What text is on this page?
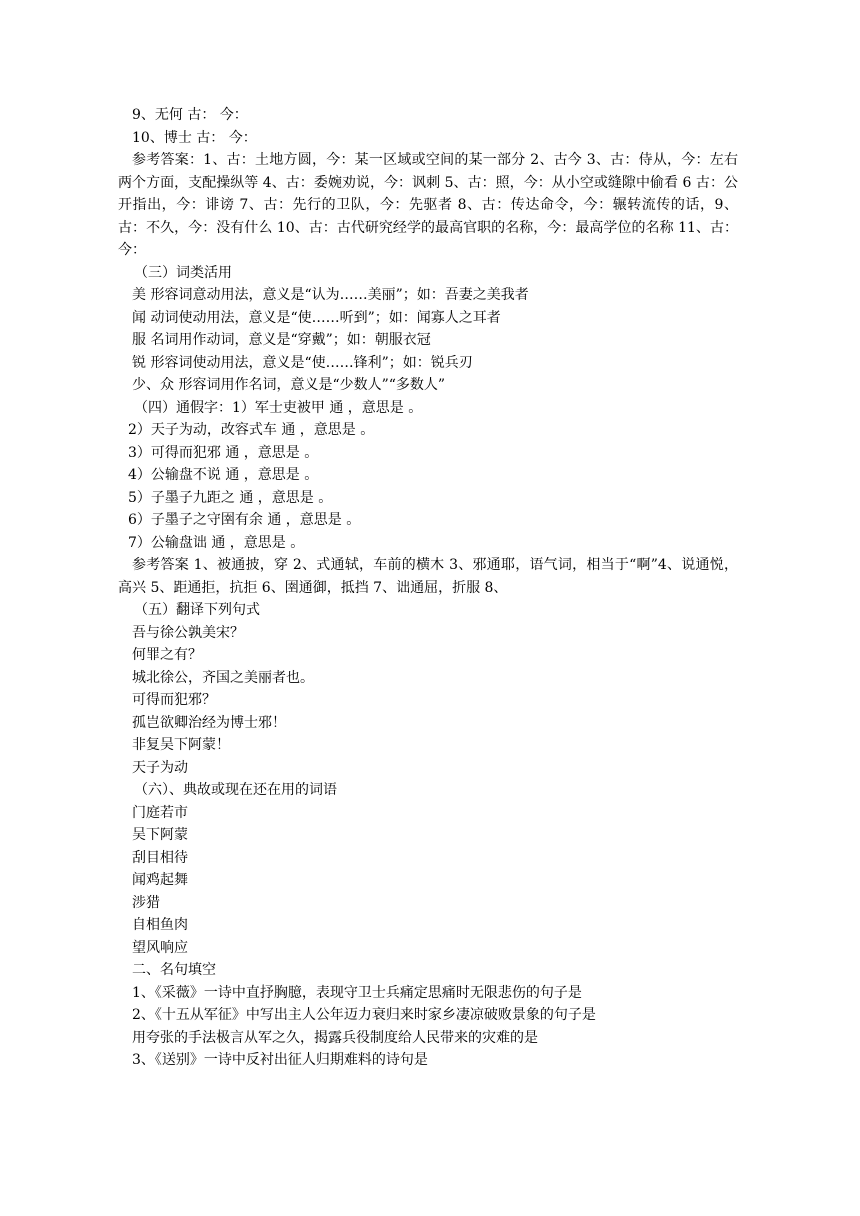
9、无何 古： 今：
10、博士 古： 今：
参考答案：1、古：土地方圆，今：某一区域或空间的某一部分 2、古今 3、古：侍从，今：左右两个方面，支配操纵等 4、古：委婉劝说，今：讽刺 5、古：照，今：从小空或缝隙中偷看 6 古：公开指出，今：诽谤 7、古：先行的卫队，今：先驱者 8、古：传达命令，今：辗转流传的话，9、古：不久，今：没有什么 10、古：古代研究经学的最高官职的名称，今：最高学位的名称 11、古：今：
（三）词类活用
美 形容词意动用法，意义是“认为……美丽”；如：吾妻之美我者
闻 动词使动用法，意义是“使……听到”；如：闻寡人之耳者
服 名词用作动词，意义是“穿戴”；如：朝服衣冠
锐 形容词使动用法，意义是“使……锋利”；如：锐兵刃
少、众 形容词用作名词，意义是“少数人”“多数人”
（四）通假字：1）军士吏被甲 通 ，意思是 。
2）天子为动，改容式车 通 ，意思是 。
3）可得而犯邪 通 ，意思是 。
4）公输盘不说 通 ，意思是 。
5）子墨子九距之 通 ，意思是 。
6）子墨子之守圉有余 通 ，意思是 。
7）公输盘诎 通 ，意思是 。
参考答案 1、被通披，穿 2、式通轼，车前的横木 3、邪通耶，语气词，相当于“啊”4、说通悦，高兴 5、距通拒，抗拒 6、圉通御，抵挡 7、诎通屈，折服 8、
（五）翻译下列句式
吾与徐公孰美宋？
何罪之有？
城北徐公，齐国之美丽者也。
可得而犯邪？
孤岂欲卿治经为博士邪！
非复吴下阿蒙！
天子为动
（六）、典故或现在还在用的词语
门庭若市
吴下阿蒙
刮目相待
闻鸡起舞
涉猎
自相鱼肉
望风响应
二、名句填空
1、《采薇》一诗中直抒胸臆，表现守卫士兵痛定思痛时无限悲伤的句子是
2、《十五从军征》中写出主人公年迈力衰归来时家乡凄凉破败景象的句子是
用夸张的手法极言从军之久，揭露兵役制度给人民带来的灾难的是
3、《送别》一诗中反衬出征人归期难料的诗句是
